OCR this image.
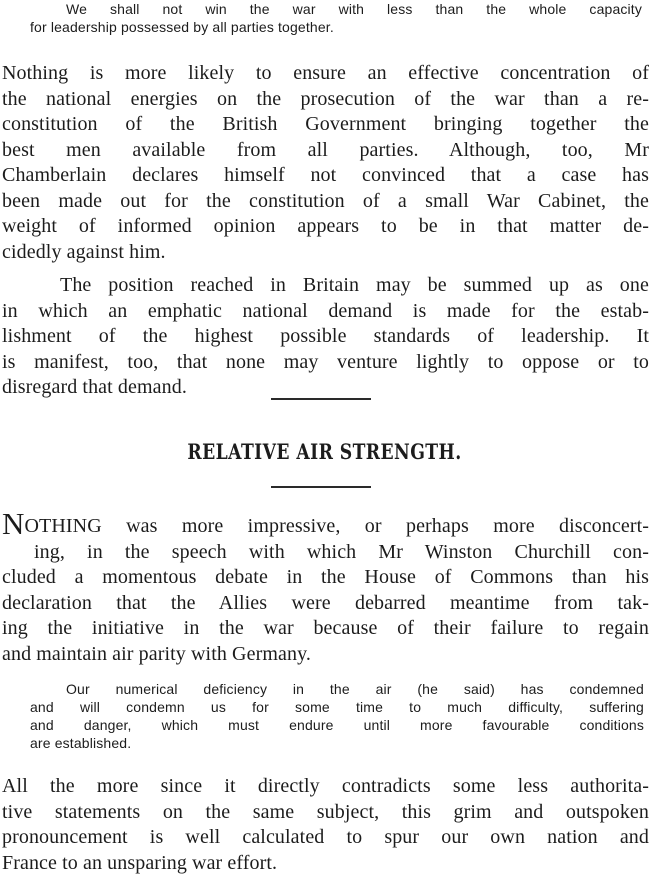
We shall not win the war with less than the whole capacity
for leadership possessed by all parties together.
Nothing is more likely to ensure an effective concentration of
the national energies on the prosecution of the war than a re-
constitution of the British Government bringing together the
best men available from all parties. Although, too, Mr
Chamberlain declares himself not convinced that a case has
been made out for the constitution of a small War Cabinet, the
weight of informed opinion appears to be in that matter de-
cidedly against him.
The position reached in Britain may be summed up as one
in which an emphatic national demand is made for the estab-
lishment of the highest possible standards of leadership. It
is manifest, too, that none may venture lightly to oppose or to
disregard that demand.
RELATIVE AIR STRENGTH.
NOTHING was more impressive, or perhaps more disconcert-
ing, in the speech with which Mr Winston Churchill con-
cluded a momentous debate in the House of Commons than his
declaration that the Allies were debarred meantime from tak-
ing the initiative in the war because of their failure to regain
and maintain air parity with Germany.
Our numerical deficiency in the air (he said) has condemned
and will condemn us for some time to much difficulty, suffering
and danger, which must endure until more favourable conditions
are established.
All the more since it directly contradicts some less authorita-
tive statements on the same subject, this grim and outspoken
pronouncement is well calculated to spur our own nation and
France to an unsparing war effort.
